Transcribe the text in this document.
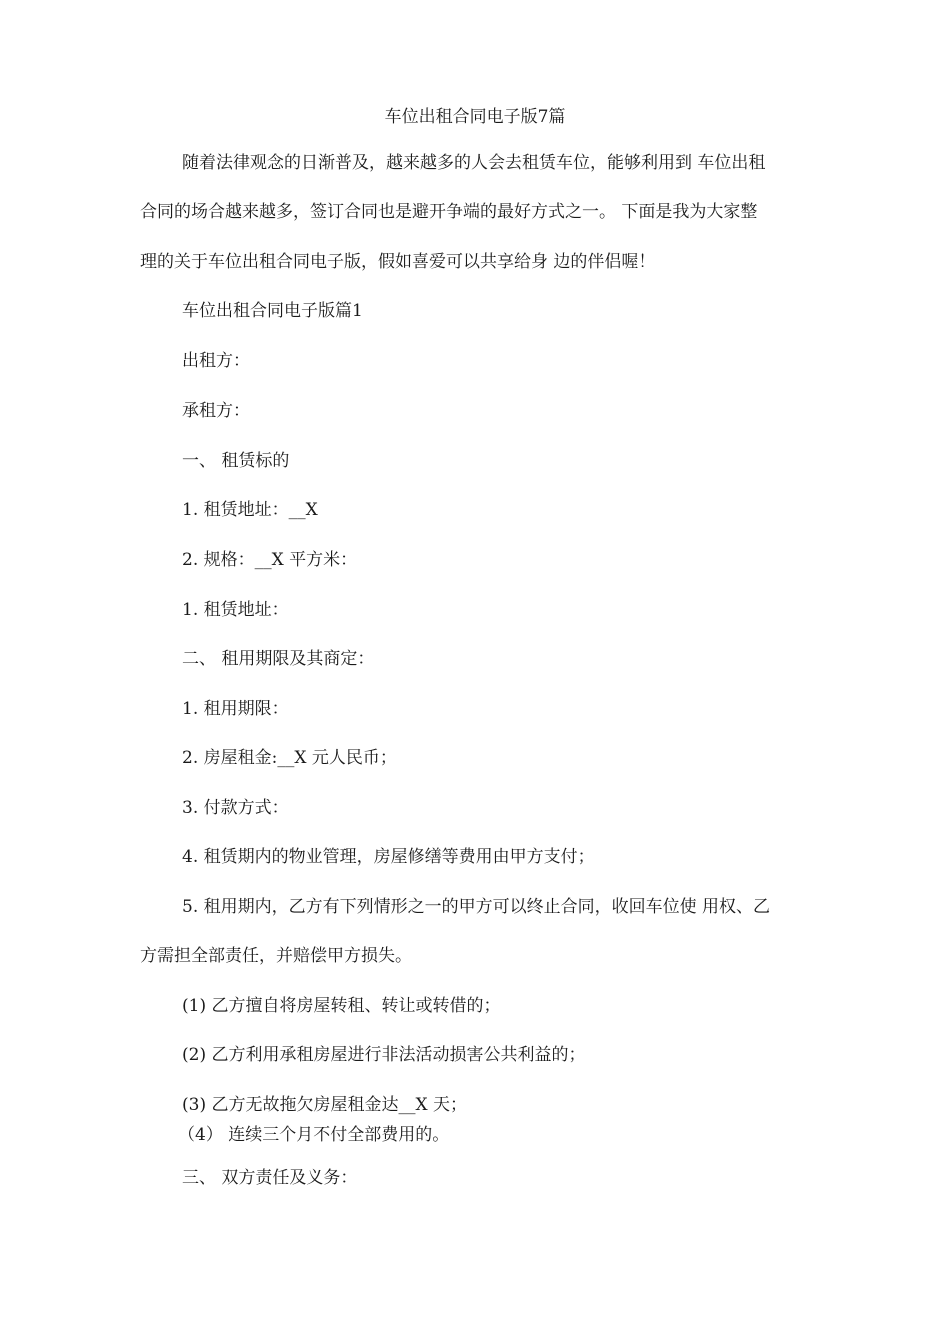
车位出租合同电子版7篇
随着法律观念的日渐普及，越来越多的人会去租赁车位，能够利用到 车位出租
合同的场合越来越多，签订合同也是避开争端的最好方式之一。 下面是我为大家整
理的关于车位出租合同电子版，假如喜爱可以共享给身 边的伴侣喔！
车位出租合同电子版篇1
出租方：
承租方：
一、 租赁标的
1. 租赁地址：__X
2. 规格：__X 平方米：
1. 租赁地址：
二、 租用期限及其商定：
1. 租用期限：
2. 房屋租金:__X 元人民币；
3. 付款方式：
4. 租赁期内的物业管理，房屋修缮等费用由甲方支付；
5. 租用期内，乙方有下列情形之一的甲方可以终止合同，收回车位使 用权、乙
方需担全部责任，并赔偿甲方损失。
(1) 乙方擅自将房屋转租、转让或转借的；
(2) 乙方利用承租房屋进行非法活动损害公共利益的；
(3) 乙方无故拖欠房屋租金达__X 天；
（4） 连续三个月不付全部费用的。
三、 双方责任及义务：
